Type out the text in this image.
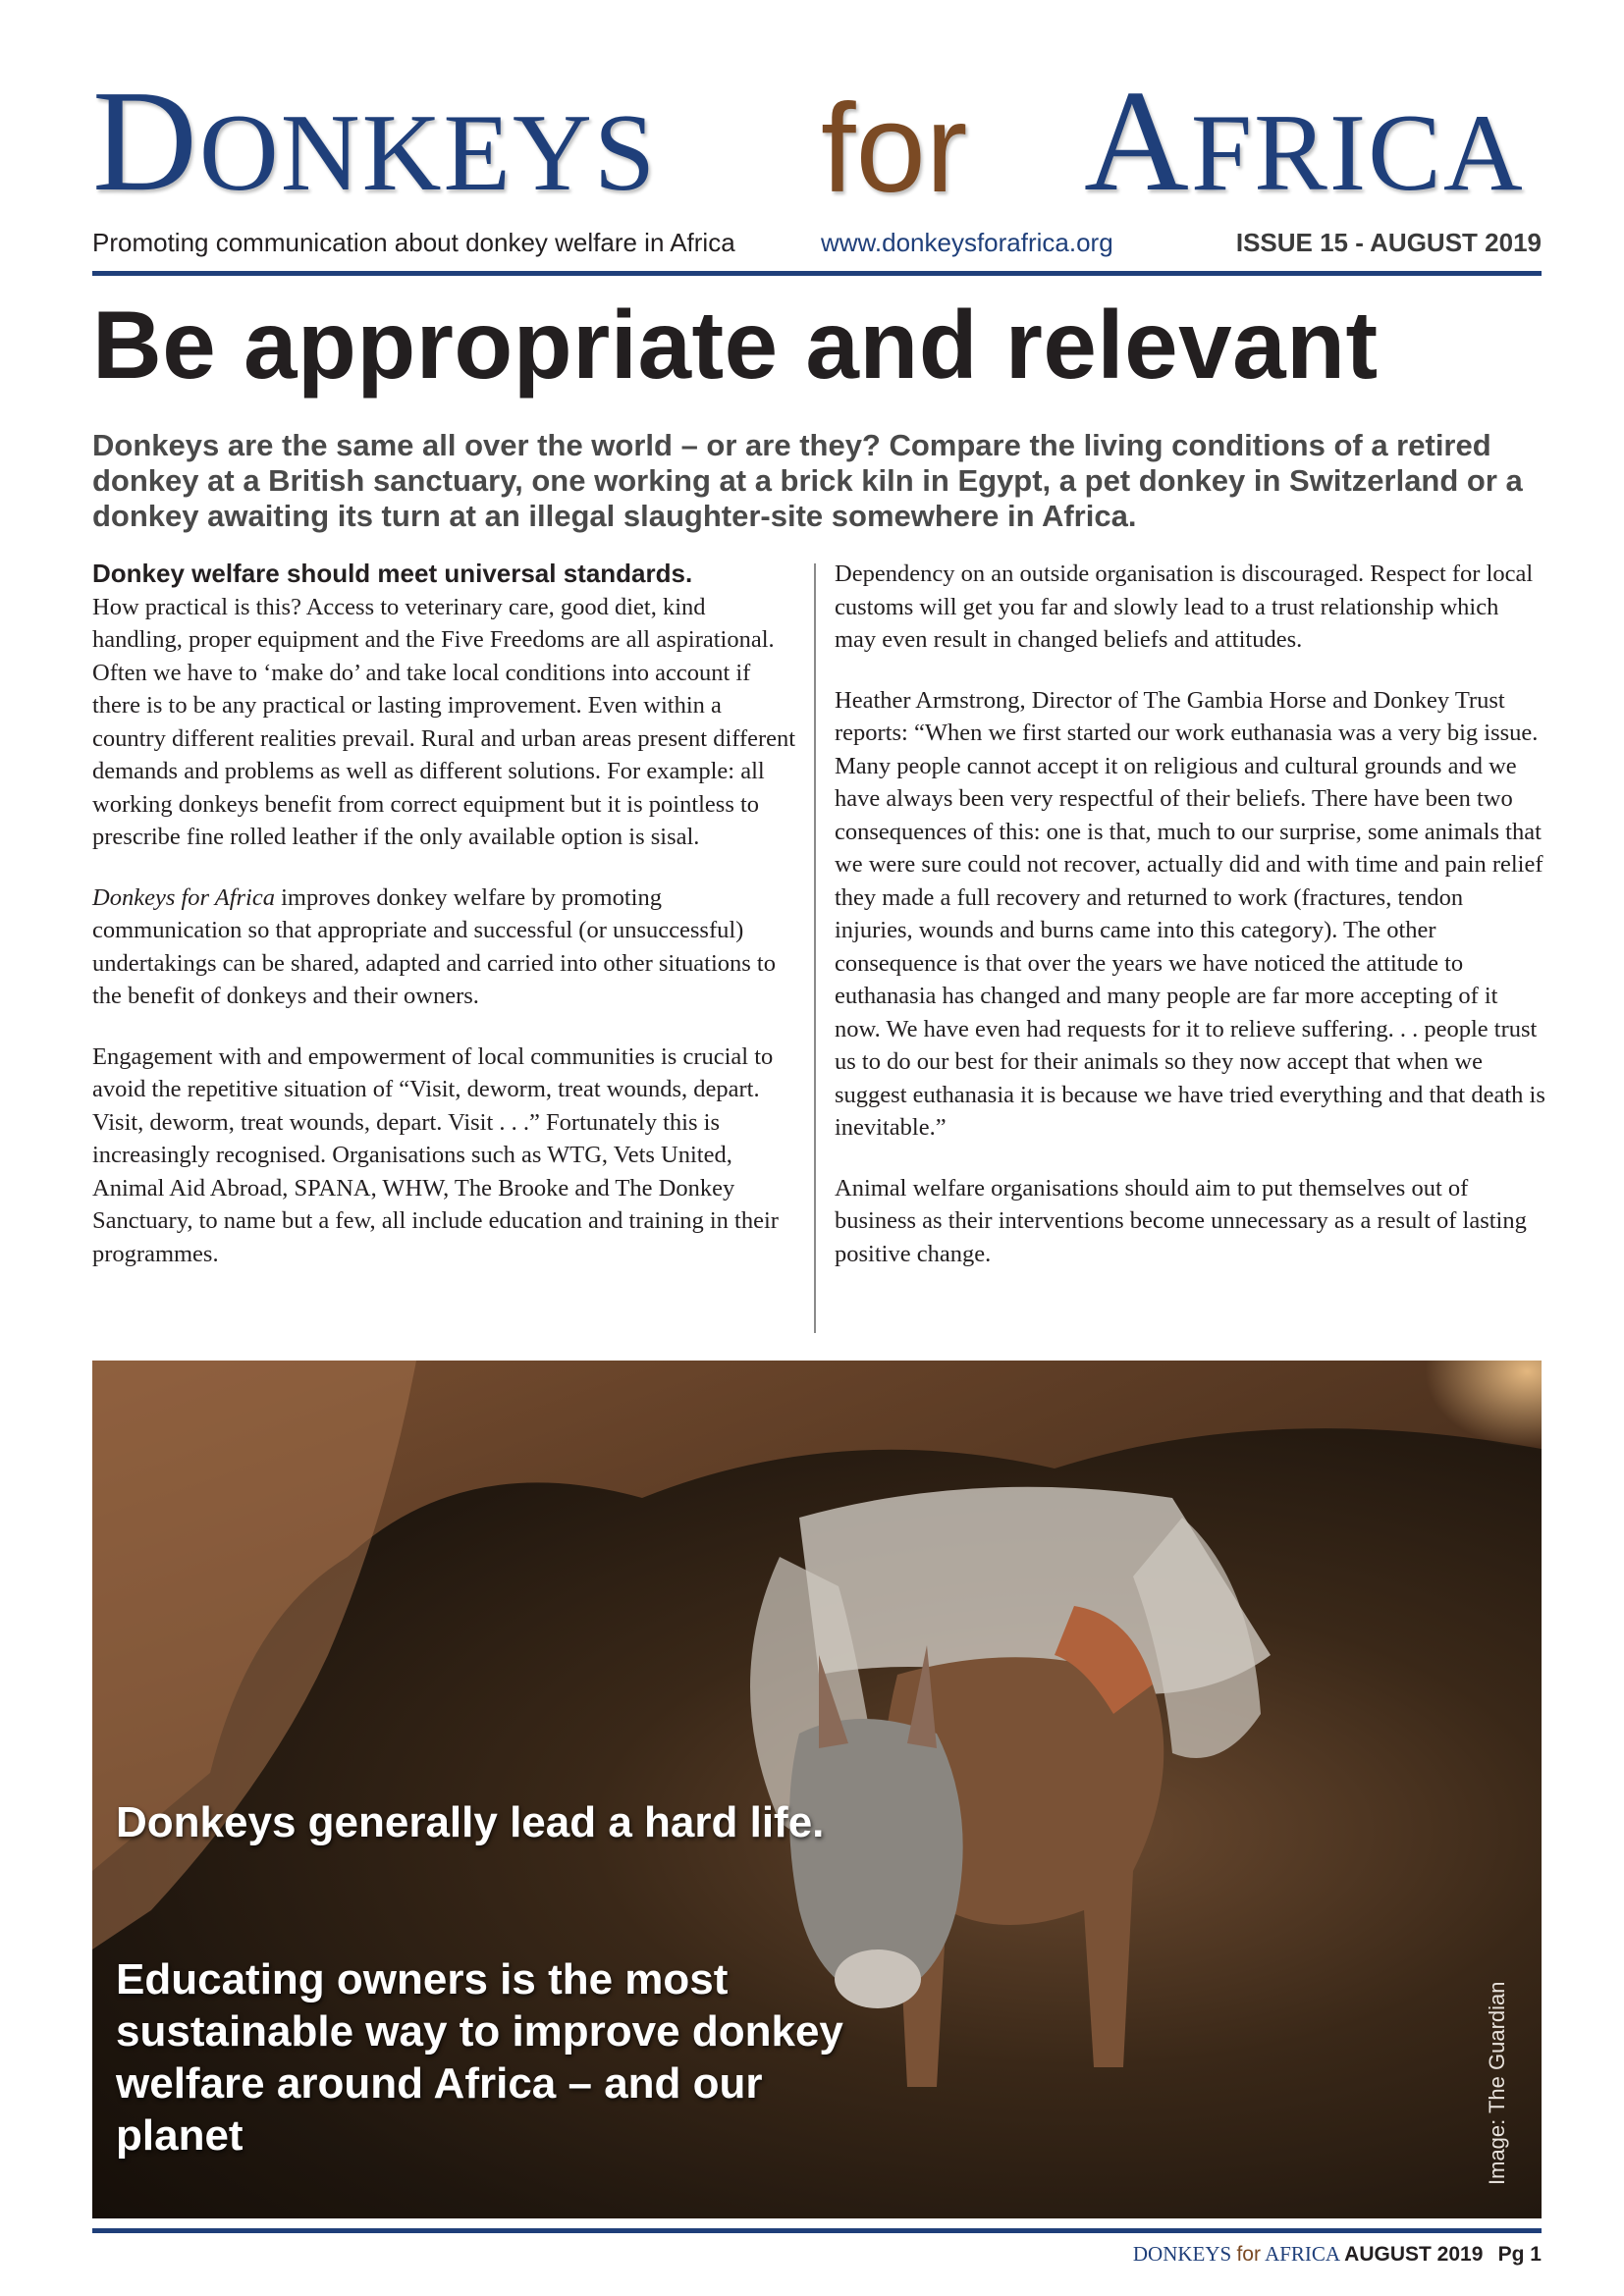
DONKEYS for AFRICA
Promoting communication about donkey welfare in Africa	www.donkeysforafrica.org	ISSUE 15 - AUGUST 2019
Be appropriate and relevant
Donkeys are the same all over the world – or are they? Compare the living conditions of a retired donkey at a British sanctuary, one working at a brick kiln in Egypt, a pet donkey in Switzerland or a donkey awaiting its turn at an illegal slaughter-site somewhere in Africa.

Donkey welfare should meet universal standards.
How practical is this? Access to veterinary care, good diet, kind handling, proper equipment and the Five Freedoms are all aspirational. Often we have to ‘make do’ and take local conditions into account if there is to be any practical or lasting improvement. Even within a country different realities prevail. Rural and urban areas present different demands and problems as well as different solutions. For example: all working donkeys benefit from correct equipment but it is pointless to prescribe fine rolled leather if the only available option is sisal.

Donkeys for Africa improves donkey welfare by promoting communication so that appropriate and successful (or unsuccessful) undertakings can be shared, adapted and carried into other situations to the benefit of donkeys and their owners.

Engagement with and empowerment of local communities is crucial to avoid the repetitive situation of “Visit, deworm, treat wounds, depart. Visit, deworm, treat wounds, depart. Visit . . .” Fortunately this is increasingly recognised. Organisations such as WTG, Vets United, Animal Aid Abroad, SPANA, WHW, The Brooke and The Donkey Sanctuary, to name but a few, all include education and training in their programmes.

Dependency on an outside organisation is discouraged. Respect for local customs will get you far and slowly lead to a trust relationship which may even result in changed beliefs and attitudes.

Heather Armstrong, Director of The Gambia Horse and Donkey Trust reports: “When we first started our work euthanasia was a very big issue. Many people cannot accept it on religious and cultural grounds and we have always been very respectful of their beliefs. There have been two consequences of this: one is that, much to our surprise, some animals that we were sure could not recover, actually did and with time and pain relief they made a full recovery and returned to work (fractures, tendon injuries, wounds and burns came into this category). The other consequence is that over the years we have noticed the attitude to euthanasia has changed and many people are far more accepting of it now. We have even had requests for it to relieve suffering. . . people trust us to do our best for their animals so they now accept that when we suggest euthanasia it is because we have tried everything and that death is inevitable.”

Animal welfare organisations should aim to put themselves out of business as their interventions become unnecessary as a result of lasting positive change.

Donkeys generally lead a hard life.
Educating owners is the most sustainable way to improve donkey welfare around Africa – and our planet	Image: The Guardian
DONKEYS for AFRICA AUGUST 2019 Pg 1
